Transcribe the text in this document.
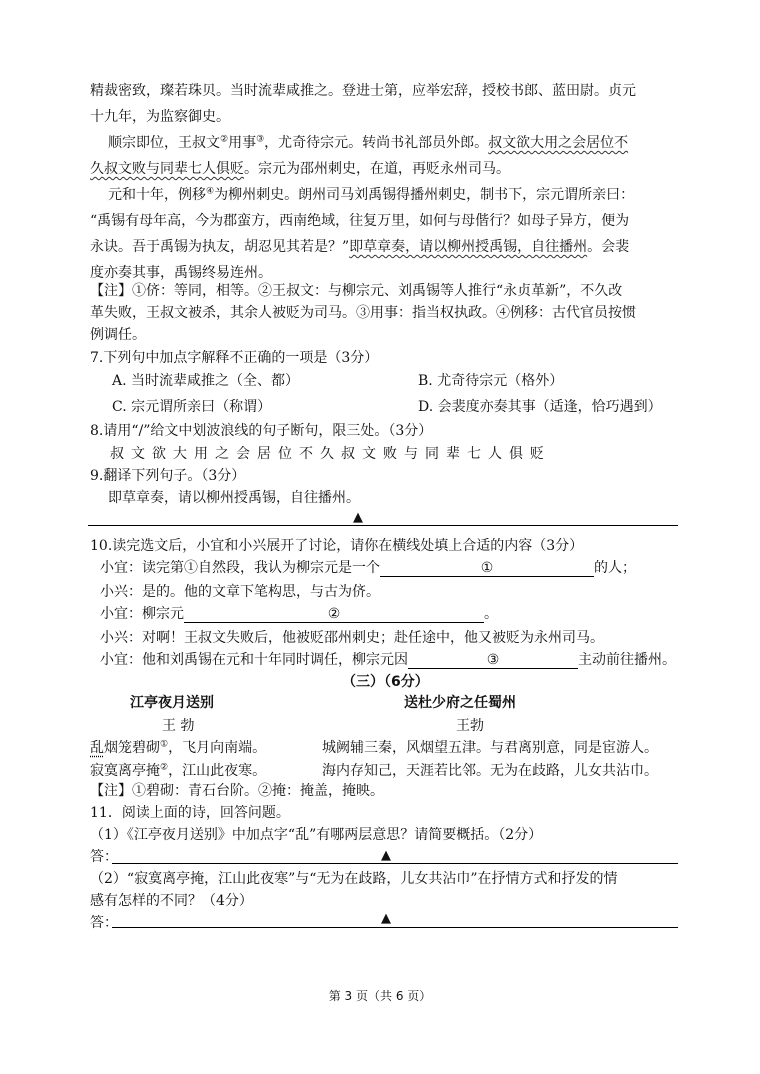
精裁密致，璨若珠贝。当时流辈咸推之。登进士第，应举宏辞，授校书郎、蓝田尉。贞元
十九年，为监察御史。
顺宗即位，王叔文②用事③，尤奇待宗元。转尚书礼部员外郎。叔文欲大用之会居位不
久叔文败与同辈七人俱贬。宗元为邵州刺史，在道，再贬永州司马。
元和十年，例移④为柳州刺史。朗州司马刘禹锡得播州刺史，制书下，宗元谓所亲曰：
“禹锡有母年高，今为郡蛮方，西南绝域，往复万里，如何与母偕行？如母子异方，便为
永诀。吾于禹锡为执友，胡忍见其若是？”即草章奏，请以柳州授禹锡，自往播州。会裴
度亦奏其事，禹锡终易连州。
【注】①侪：等同，相等。②王叔文：与柳宗元、刘禹锡等人推行“永贞革新”，不久改
革失败，王叔文被杀，其余人被贬为司马。③用事：指当权执政。④例移：古代官员按惯
例调任。
7.下列句中加点字解释不正确的一项是（3分）
A. 当时流辈咸推之（全、都）	B. 尤奇待宗元（格外）
C. 宗元谓所亲曰（称谓）	D. 会裴度亦奏其事（适逢，恰巧遇到）
8.请用“/”给文中划波浪线的句子断句，限三处。（3分）
叔文欲大用之会居位不久叔文败与同辈七人俱贬
9.翻译下列句子。（3分）
即草章奏，请以柳州授禹锡，自往播州。
▲
10.读完选文后，小宜和小兴展开了讨论，请你在横线处填上合适的内容（3分）
小宜：读完第①自然段，我认为柳宗元是一个	①	的人；
小兴：是的。他的文章下笔构思，与古为侪。
小宜：柳宗元	②	。
小兴：对啊！王叔文失败后，他被贬邵州刺史；赴任途中，他又被贬为永州司马。
小宜：他和刘禹锡在元和十年同时调任，柳宗元因	③	主动前往播州。
（三）（6分）
江亭夜月送别	送杜少府之任蜀州
王 勃	王勃
乱烟笼碧砌①，飞月向南端。	城阙辅三秦，风烟望五津。与君离别意，同是宦游人。
寂寞离亭掩②，江山此夜寒。	海内存知己，天涯若比邻。无为在歧路，儿女共沾巾。
【注】①碧砌：青石台阶。②掩：掩盖，掩映。
11．阅读上面的诗，回答问题。
（1）《江亭夜月送别》中加点字“乱”有哪两层意思？请简要概括。（2分）
答：	▲
（2）“寂寞离亭掩，江山此夜寒”与“无为在歧路，儿女共沾巾”在抒情方式和抒发的情
感有怎样的不同？（4分）
答：	▲
第 3 页（共 6 页）
